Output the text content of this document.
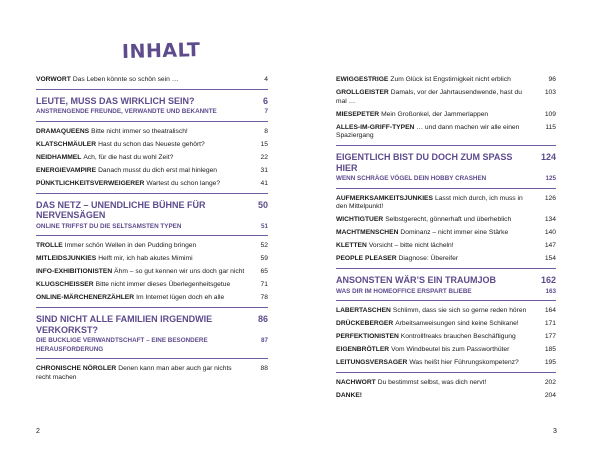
INHALT
VORWORT Das Leben könnte so schön sein …	4
LEUTE, MUSS DAS WIRKLICH SEIN?	6
ANSTRENGENDE FREUNDE, VERWANDTE UND BEKANNTE	7
DRAMAQUEENS Bitte nicht immer so theatralisch!	8
KLATSCHMÄULER Hast du schon das Neueste gehört?	15
NEIDHAMMEL Ach, für die hast du wohl Zeit?	22
ENERGIEVAMPIRE Danach musst du dich erst mal hinlegen	31
PÜNKTLICHKEITSVERWEIGERER Wartest du schon lange?	41
DAS NETZ – UNENDLICHE BÜHNE FÜR NERVENSÄGEN
50
ONLINE TRIFFST DU DIE SELTSAMSTEN TYPEN	51
TROLLE Immer schön Wellen in den Pudding bringen	52
MITLEIDSJUNKIES Helft mir, ich hab akutes Mimimi	59
INFO-EXHIBITIONISTEN Ähm – so gut kennen wir uns doch gar nicht	65
KLUGSCHEISSER Bitte nicht immer dieses Überlegenheitsgetue	71
ONLINE-MÄRCHENERZÄHLER Im Internet lügen doch eh alle	78
SIND NICHT ALLE FAMILIEN IRGENDWIE VERKORKST?
86
DIE BUCKLIGE VERWANDTSCHAFT – EINE BESONDERE HERAUSFORDERUNG
87
CHRONISCHE NÖRGLER Denen kann man aber auch gar nichts recht machen
88
EWIGGESTRIGE Zum Glück ist Engstirnigkeit nicht erblich	96
GROLLGEISTER Damals, vor der Jahrtausendwende, hast du mal …
103
MIESEPETER Mein Großonkel, der Jammerlappen	109
ALLES-IM-GRIFF-TYPEN … und dann machen wir alle einen Spaziergang
115
EIGENTLICH BIST DU DOCH ZUM SPASS HIER
124
WENN SCHRÄGE VÖGEL DEIN HOBBY CRASHEN	125
AUFMERKSAMKEITSJUNKIES Lasst mich durch, ich muss in den Mittelpunkt!
126
WICHTIGTUER Selbstgerecht, gönnerhaft und überheblich	134
MACHTMENSCHEN Dominanz – nicht immer eine Stärke	140
KLETTEN Vorsicht – bitte nicht lächeln!	147
PEOPLE PLEASER Diagnose: Übereifer	154
ANSONSTEN WÄR’S EIN TRAUMJOB	162
WAS DIR IM HOMEOFFICE ERSPART BLIEBE	163
LABERTASCHEN Schlimm, dass sie sich so gerne reden hören	164
DRÜCKEBERGER Arbeitsanweisungen sind keine Schikane!	171
PERFEKTIONISTEN Kontrollfreaks brauchen Beschäftigung	177
EIGENBRÖTLER Vom Windbeutel bis zum Passworthüter	185
LEITUNGSVERSAGER Was heißt hier Führungskompetenz?	195
NACHWORT Du bestimmst selbst, was dich nervt!	202
DANKE!	204
2	3
